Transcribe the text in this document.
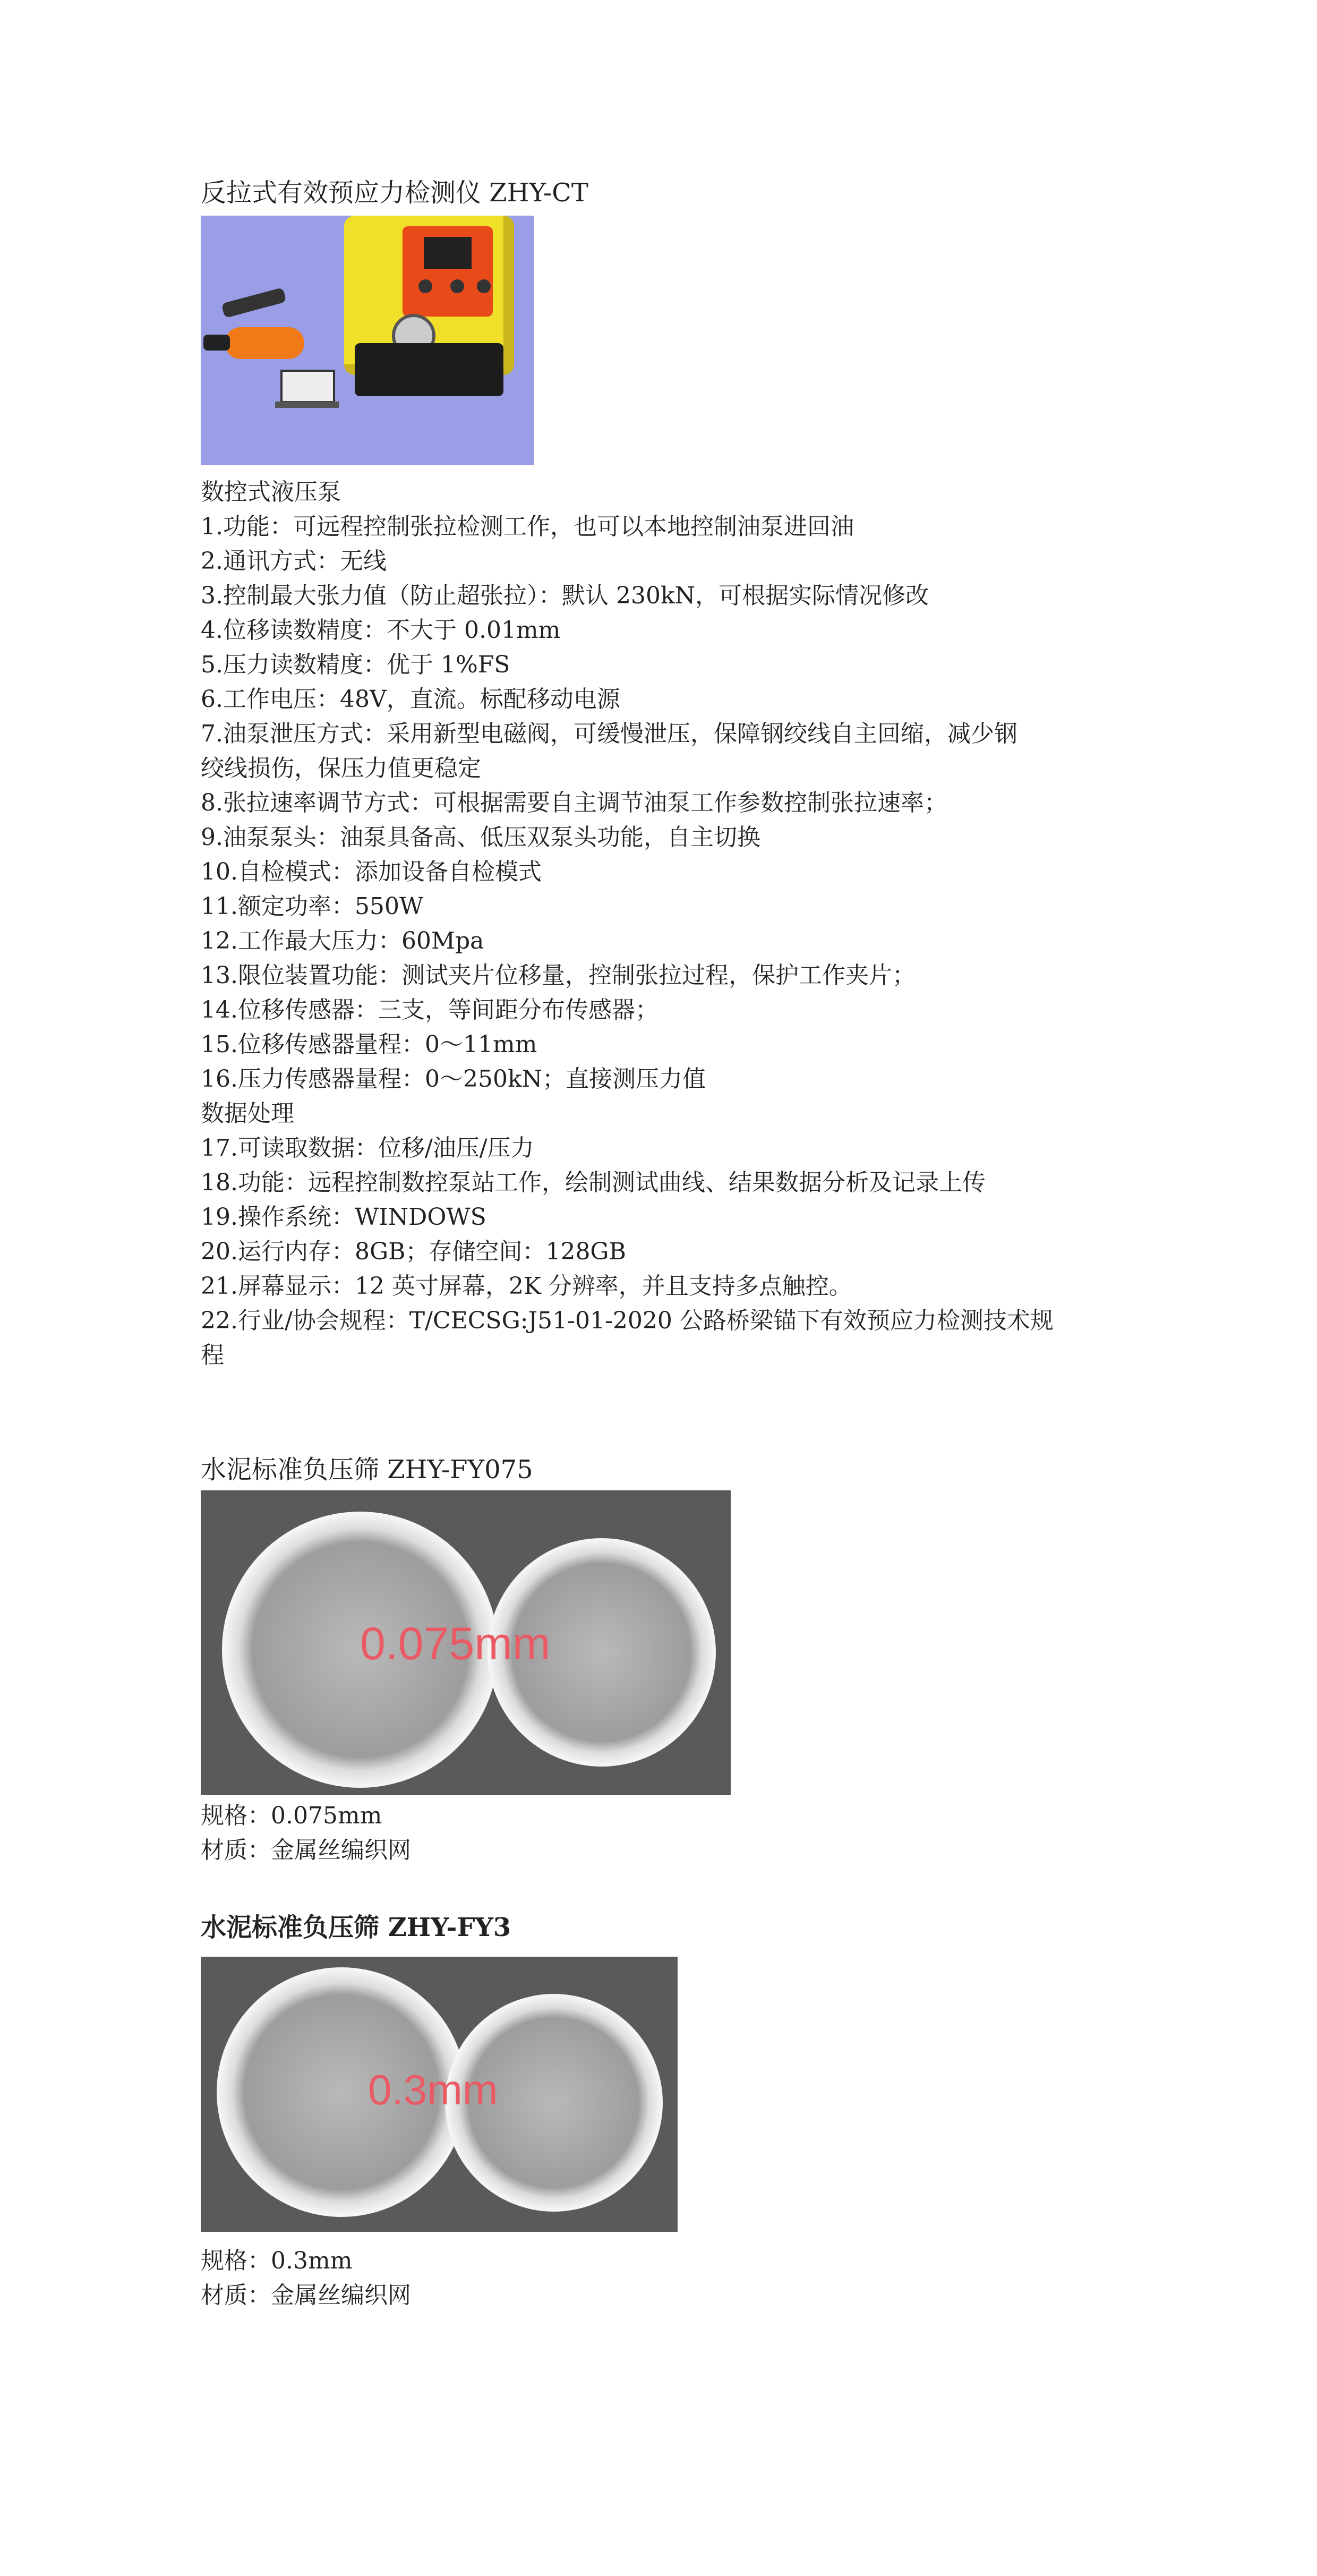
反拉式有效预应力检测仪 ZHY-CT

数控式液压泵

1.功能：可远程控制张拉检测工作，也可以本地控制油泵进回油

2.通讯方式：无线

3.控制最大张力值（防止超张拉）：默认 230kN，可根据实际情况修改

4.位移读数精度：不大于 0.01mm

5.压力读数精度：优于 1%FS

6.工作电压：48V，直流。标配移动电源

7.油泵泄压方式：采用新型电磁阀，可缓慢泄压，保障钢绞线自主回缩，减少钢

绞线损伤，保压力值更稳定

8.张拉速率调节方式：可根据需要自主调节油泵工作参数控制张拉速率；

9.油泵泵头：油泵具备高、低压双泵头功能，自主切换

10.自检模式：添加设备自检模式

11.额定功率：550W

12.工作最大压力：60Mpa

13.限位装置功能：测试夹片位移量，控制张拉过程，保护工作夹片；

14.位移传感器：三支，等间距分布传感器；

15.位移传感器量程：0～11mm

16.压力传感器量程：0～250kN；直接测压力值

数据处理

17.可读取数据：位移/油压/压力

18.功能：远程控制数控泵站工作，绘制测试曲线、结果数据分析及记录上传

19.操作系统：WINDOWS

20.运行内存：8GB；存储空间：128GB

21.屏幕显示：12 英寸屏幕，2K 分辨率，并且支持多点触控。

22.行业/协会规程：T/CECSG:J51-01-2020 公路桥梁锚下有效预应力检测技术规

程

水泥标准负压筛 ZHY-FY075

0.075mm

规格：0.075mm

材质：金属丝编织网

水泥标准负压筛 ZHY-FY3

0.3mm

规格：0.3mm

材质：金属丝编织网
